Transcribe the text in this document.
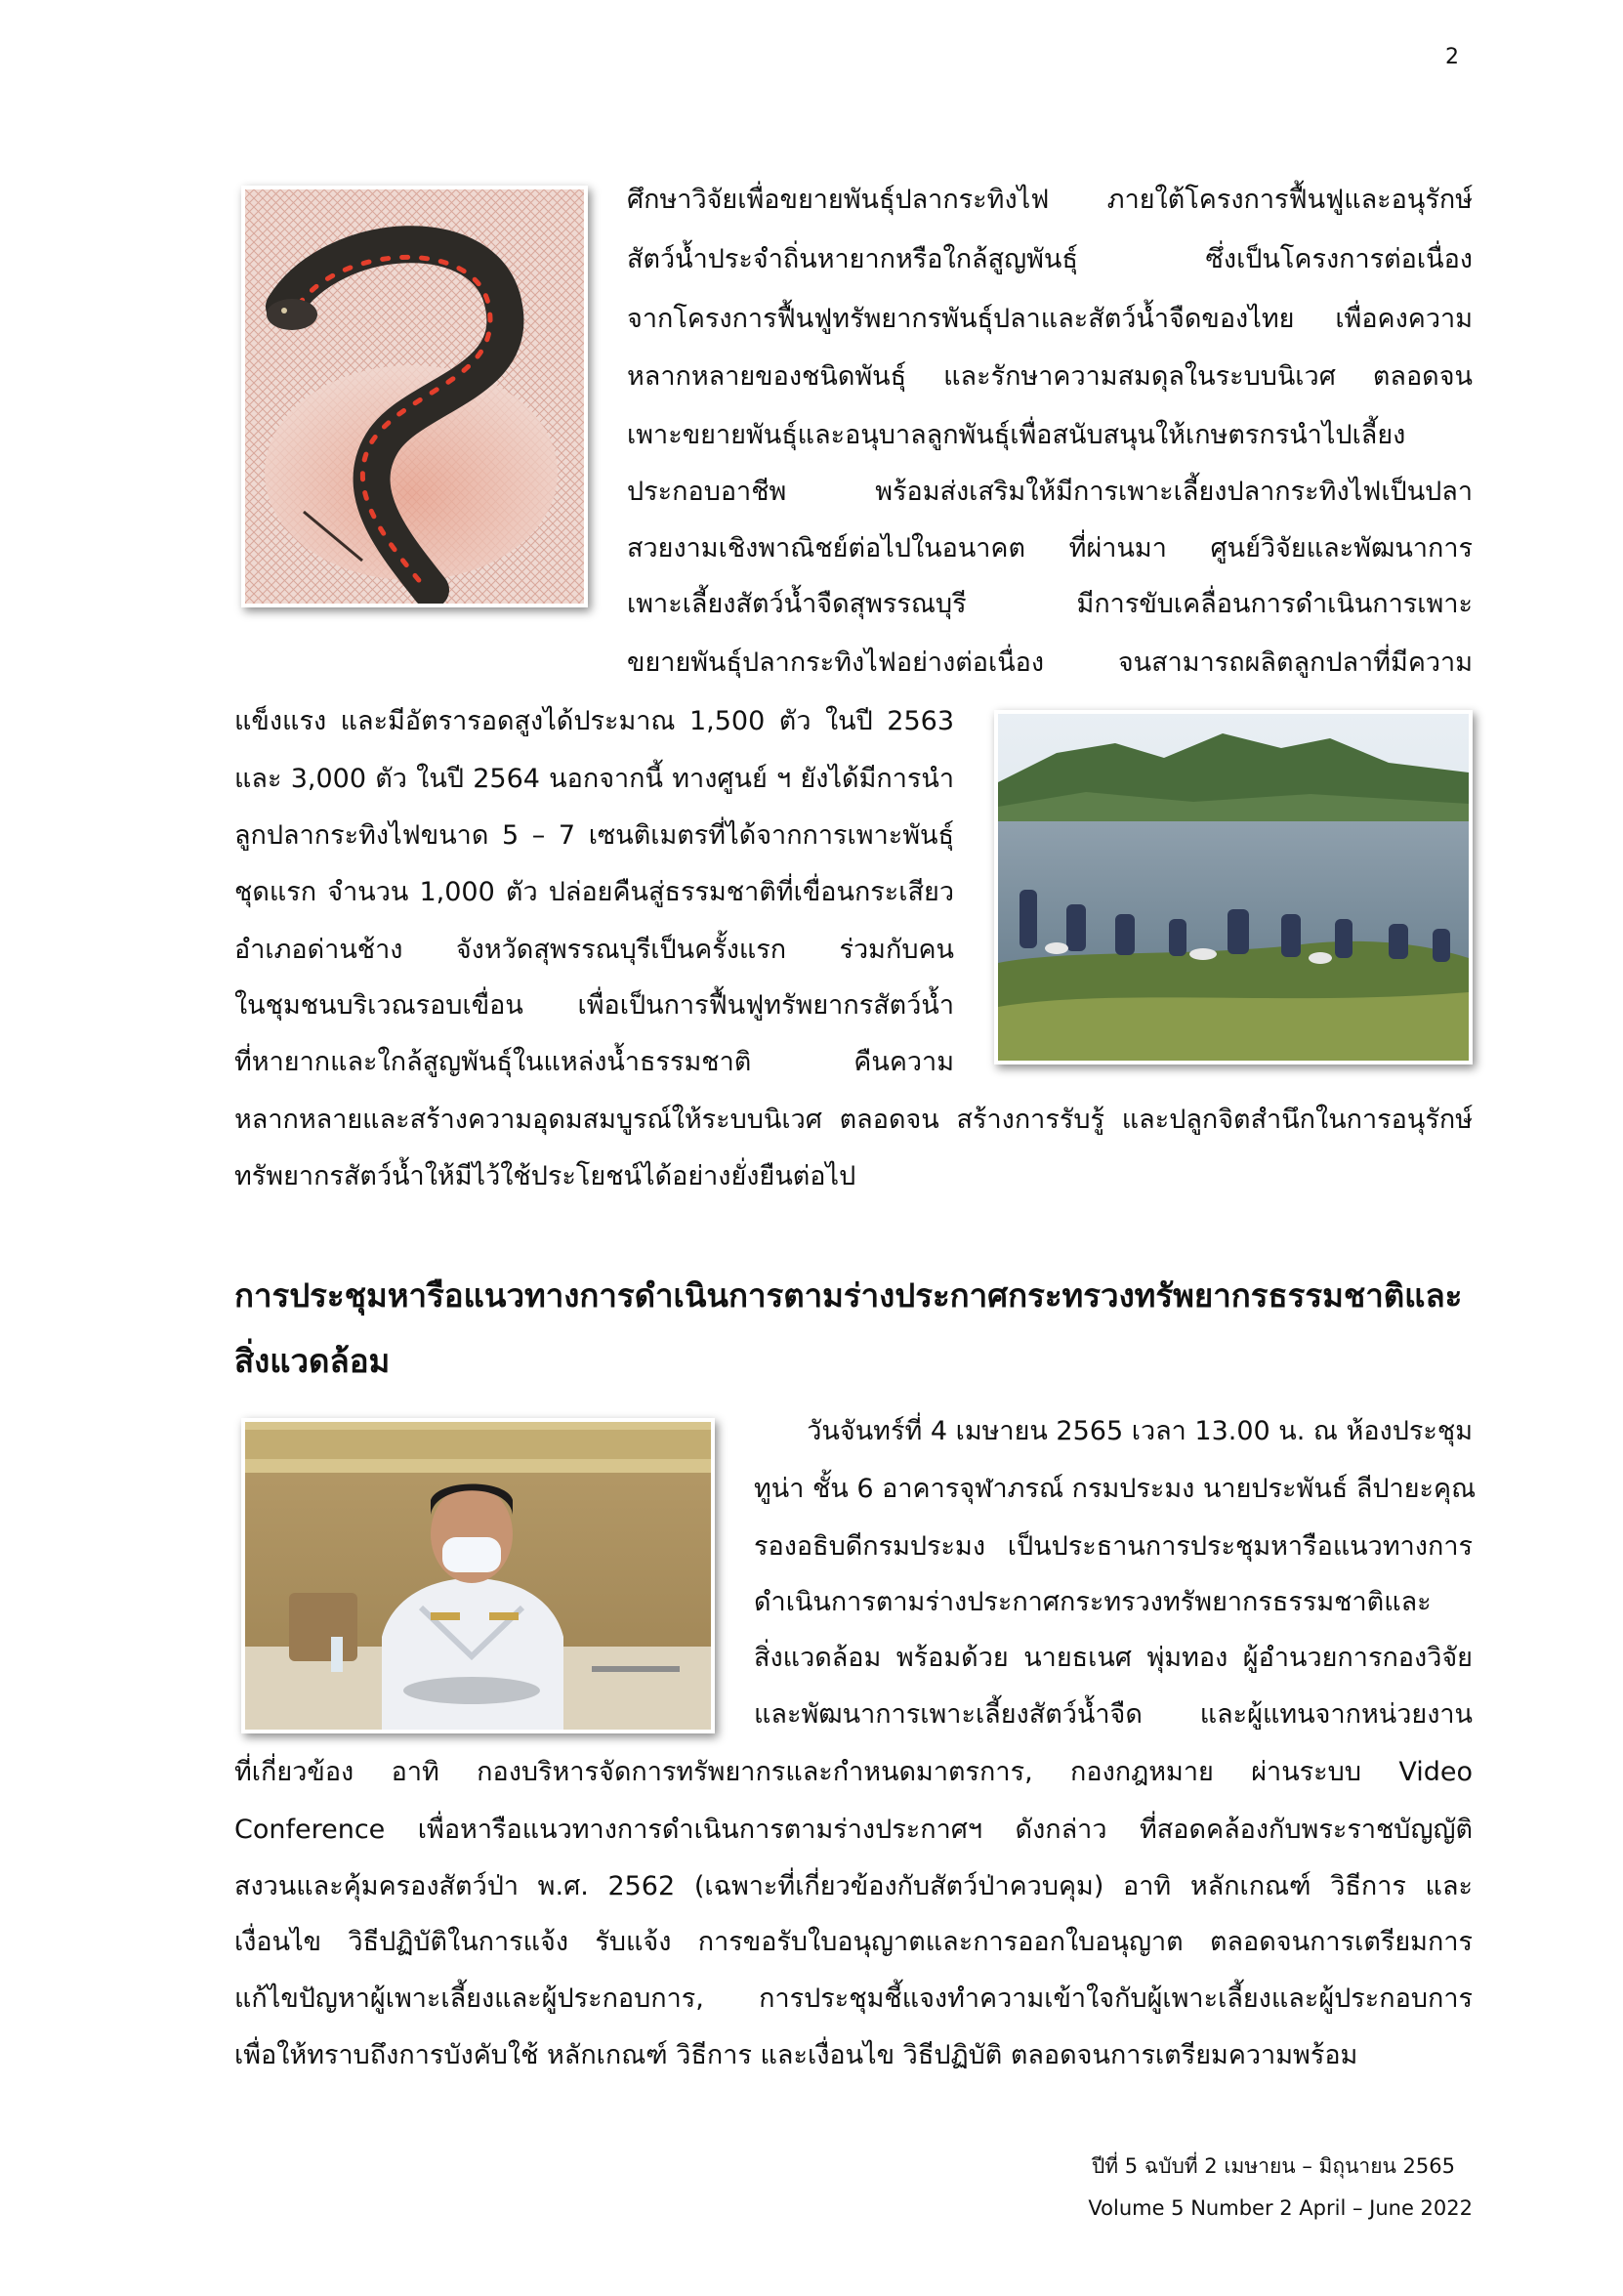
2
ศึกษาวิจัยเพื่อขยายพันธุ์ปลากระทิงไฟ ภายใต้โครงการฟื้นฟูและอนุรักษ์
สัตว์น้ำประจำถิ่นหายากหรือใกล้สูญพันธุ์ ซึ่งเป็นโครงการต่อเนื่อง
จากโครงการฟื้นฟูทรัพยากรพันธุ์ปลาและสัตว์น้ำจืดของไทย เพื่อคงความ
หลากหลายของชนิดพันธุ์ และรักษาความสมดุลในระบบนิเวศ ตลอดจน
เพาะขยายพันธุ์และอนุบาลลูกพันธุ์เพื่อสนับสนุนให้เกษตรกรนำไปเลี้ยง
ประกอบอาชีพ พร้อมส่งเสริมให้มีการเพาะเลี้ยงปลากระทิงไฟเป็นปลา
สวยงามเชิงพาณิชย์ต่อไปในอนาคต ที่ผ่านมา ศูนย์วิจัยและพัฒนาการ
เพาะเลี้ยงสัตว์น้ำจืดสุพรรณบุรี มีการขับเคลื่อนการดำเนินการเพาะ
ขยายพันธุ์ปลากระทิงไฟอย่างต่อเนื่อง จนสามารถผลิตลูกปลาที่มีความ
แข็งแรง และมีอัตรารอดสูงได้ประมาณ 1,500 ตัว ในปี 2563
และ 3,000 ตัว ในปี 2564 นอกจากนี้ ทางศูนย์ ฯ ยังได้มีการนำ
ลูกปลากระทิงไฟขนาด 5 – 7 เซนติเมตรที่ได้จากการเพาะพันธุ์
ชุดแรก จำนวน 1,000 ตัว ปล่อยคืนสู่ธรรมชาติที่เขื่อนกระเสียว
อำเภอด่านช้าง จังหวัดสุพรรณบุรีเป็นครั้งแรก ร่วมกับคน
ในชุมชนบริเวณรอบเขื่อน เพื่อเป็นการฟื้นฟูทรัพยากรสัตว์น้ำ
ที่หายากและใกล้สูญพันธุ์ในแหล่งน้ำธรรมชาติ คืนความ
หลากหลายและสร้างความอุดมสมบูรณ์ให้ระบบนิเวศ ตลอดจน สร้างการรับรู้ และปลูกจิตสำนึกในการอนุรักษ์
ทรัพยากรสัตว์น้ำให้มีไว้ใช้ประโยชน์ได้อย่างยั่งยืนต่อไป
การประชุมหารือแนวทางการดำเนินการตามร่างประกาศกระทรวงทรัพยากรธรรมชาติและ
สิ่งแวดล้อม
วันจันทร์ที่ 4 เมษายน 2565 เวลา 13.00 น. ณ ห้องประชุม
ทูน่า ชั้น 6 อาคารจุฬาภรณ์ กรมประมง นายประพันธ์ ลีปายะคุณ
รองอธิบดีกรมประมง เป็นประธานการประชุมหารือแนวทางการ
ดำเนินการตามร่างประกาศกระทรวงทรัพยากรธรรมชาติและ
สิ่งแวดล้อม พร้อมด้วย นายธเนศ พุ่มทอง ผู้อำนวยการกองวิจัย
และพัฒนาการเพาะเลี้ยงสัตว์น้ำจืด และผู้แทนจากหน่วยงาน
ที่เกี่ยวข้อง อาทิ กองบริหารจัดการทรัพยากรและกำหนดมาตรการ, กองกฎหมาย ผ่านระบบ Video
Conference เพื่อหารือแนวทางการดำเนินการตามร่างประกาศฯ ดังกล่าว ที่สอดคล้องกับพระราชบัญญัติ
สงวนและคุ้มครองสัตว์ป่า พ.ศ. 2562 (เฉพาะที่เกี่ยวข้องกับสัตว์ป่าควบคุม) อาทิ หลักเกณฑ์ วิธีการ และ
เงื่อนไข วิธีปฏิบัติในการแจ้ง รับแจ้ง การขอรับใบอนุญาตและการออกใบอนุญาต ตลอดจนการเตรียมการ
แก้ไขปัญหาผู้เพาะเลี้ยงและผู้ประกอบการ, การประชุมชี้แจงทำความเข้าใจกับผู้เพาะเลี้ยงและผู้ประกอบการ
เพื่อให้ทราบถึงการบังคับใช้ หลักเกณฑ์ วิธีการ และเงื่อนไข วิธีปฏิบัติ ตลอดจนการเตรียมความพร้อม
ปีที่ 5 ฉบับที่ 2 เมษายน – มิถุนายน 2565
Volume 5 Number 2 April – June 2022
